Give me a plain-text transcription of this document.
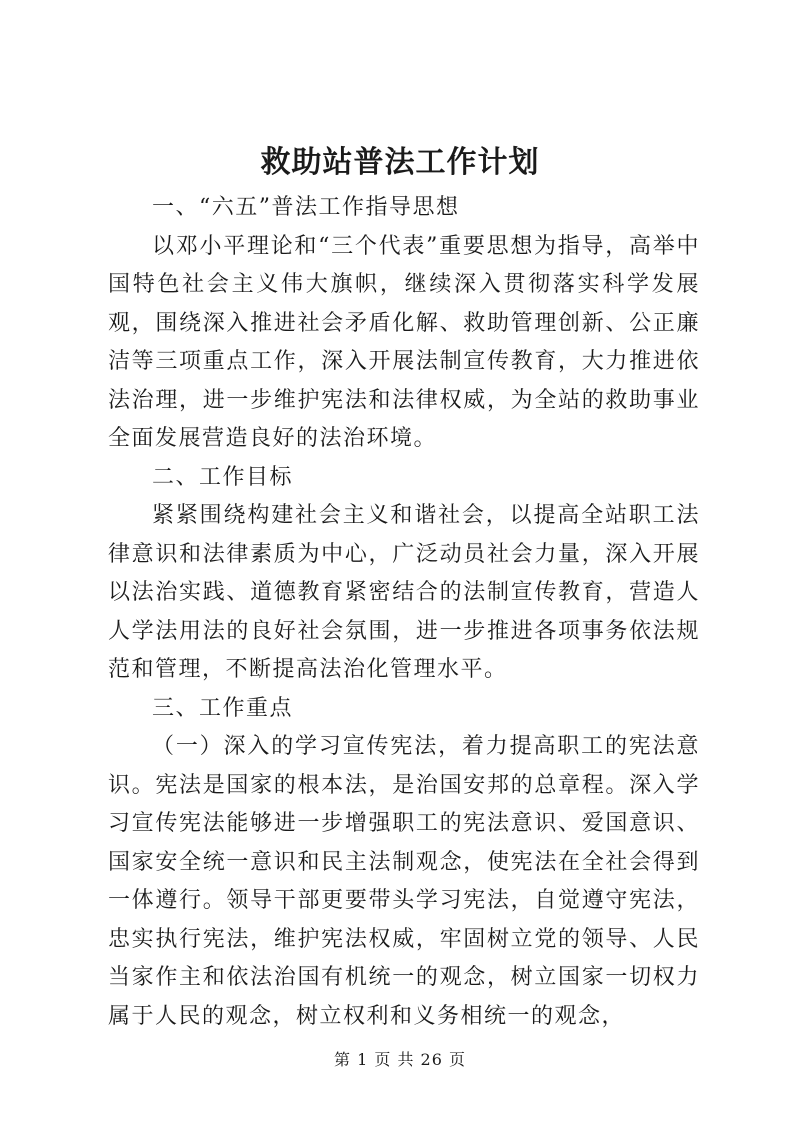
救助站普法工作计划

一、“六五”普法工作指导思想

以邓小平理论和“三个代表”重要思想为指导，高举中国特色社会主义伟大旗帜，继续深入贯彻落实科学发展观，围绕深入推进社会矛盾化解、救助管理创新、公正廉洁等三项重点工作，深入开展法制宣传教育，大力推进依法治理，进一步维护宪法和法律权威，为全站的救助事业全面发展营造良好的法治环境。

二、工作目标

紧紧围绕构建社会主义和谐社会，以提高全站职工法律意识和法律素质为中心，广泛动员社会力量，深入开展以法治实践、道德教育紧密结合的法制宣传教育，营造人人学法用法的良好社会氛围，进一步推进各项事务依法规范和管理，不断提高法治化管理水平。

三、工作重点

（一）深入的学习宣传宪法，着力提高职工的宪法意识。宪法是国家的根本法，是治国安邦的总章程。深入学习宣传宪法能够进一步增强职工的宪法意识、爱国意识、国家安全统一意识和民主法制观念，使宪法在全社会得到一体遵行。领导干部更要带头学习宪法，自觉遵守宪法，忠实执行宪法，维护宪法权威，牢固树立党的领导、人民当家作主和依法治国有机统一的观念，树立国家一切权力属于人民的观念，树立权利和义务相统一的观念，

第 1 页 共 26 页
